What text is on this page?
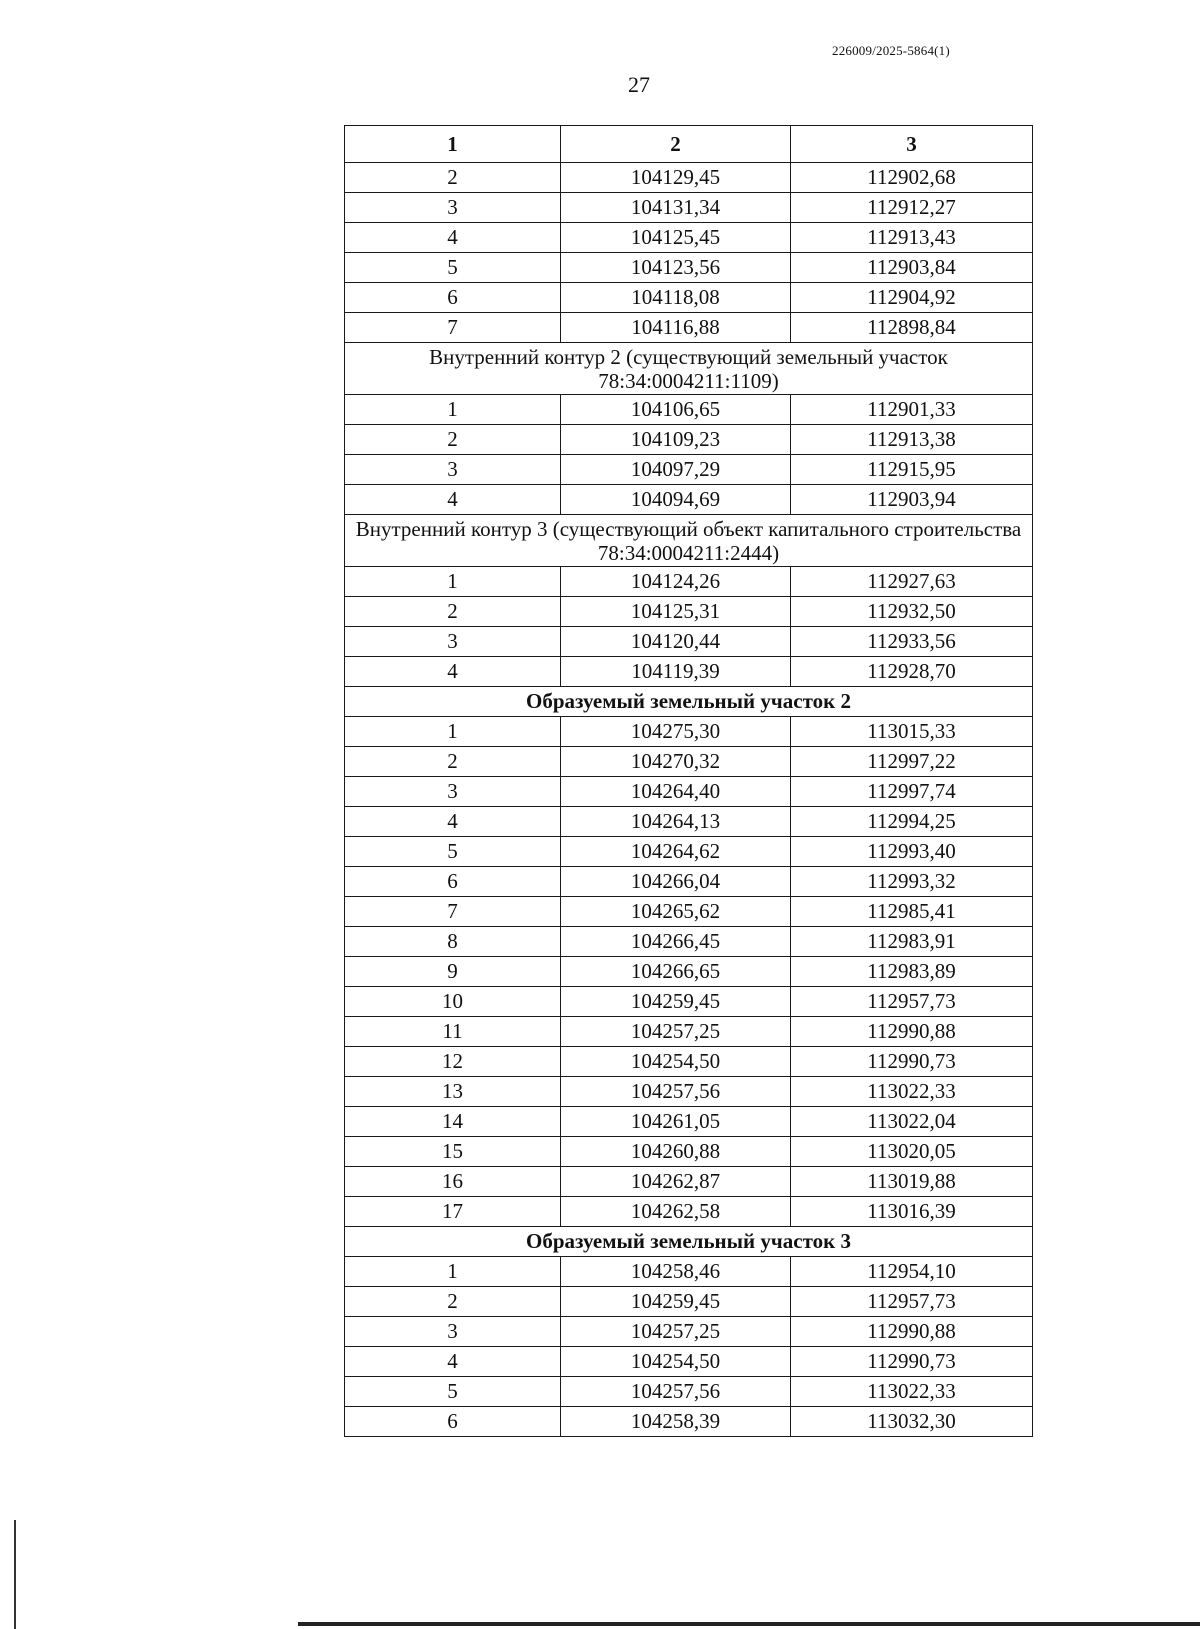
226009/2025-5864(1)
27
1	2	3
2	104129,45	112902,68
3	104131,34	112912,27
4	104125,45	112913,43
5	104123,56	112903,84
6	104118,08	112904,92
7	104116,88	112898,84
Внутренний контур 2 (существующий земельный участок 78:34:0004211:1109)		
1	104106,65	112901,33
2	104109,23	112913,38
3	104097,29	112915,95
4	104094,69	112903,94
Внутренний контур 3 (существующий объект капитального строительства 78:34:0004211:2444)		
1	104124,26	112927,63
2	104125,31	112932,50
3	104120,44	112933,56
4	104119,39	112928,70
Образуемый земельный участок 2		
1	104275,30	113015,33
2	104270,32	112997,22
3	104264,40	112997,74
4	104264,13	112994,25
5	104264,62	112993,40
6	104266,04	112993,32
7	104265,62	112985,41
8	104266,45	112983,91
9	104266,65	112983,89
10	104259,45	112957,73
11	104257,25	112990,88
12	104254,50	112990,73
13	104257,56	113022,33
14	104261,05	113022,04
15	104260,88	113020,05
16	104262,87	113019,88
17	104262,58	113016,39
Образуемый земельный участок 3		
1	104258,46	112954,10
2	104259,45	112957,73
3	104257,25	112990,88
4	104254,50	112990,73
5	104257,56	113022,33
6	104258,39	113032,30
